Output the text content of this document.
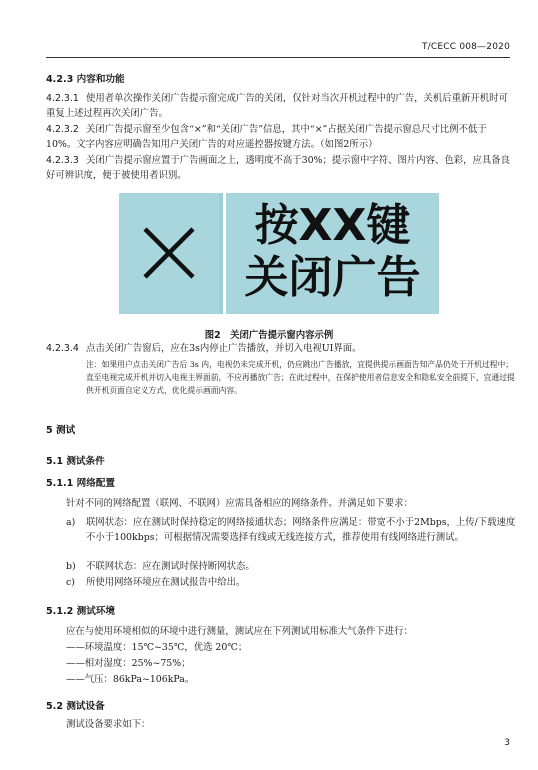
T/CECC 008—2020
4.2.3 内容和功能
4.2.3.1 使用者单次操作关闭广告提示窗完成广告的关闭，仅针对当次开机过程中的广告，关机后重新开机时可重复上述过程再次关闭广告。
4.2.3.2 关闭广告提示窗至少包含“×”和“关闭广告”信息，其中“×”占据关闭广告提示窗总尺寸比例不低于10%。文字内容应明确告知用户关闭广告的对应遥控器按键方法。（如图2所示）
4.2.3.3 关闭广告提示窗应置于广告画面之上，透明度不高于30%；提示窗中字符、图片内容、色彩，应具备良好可辨识度，便于被使用者识别。
按XX键
关闭广告
图2　关闭广告提示窗内容示例
4.2.3.4 点击关闭广告窗后，应在3s内停止广告播放，并切入电视UI界面。
注：如果用户点击关闭广告后 3s 内，电视仍未完成开机，仍应跳出广告播放，宜提供提示画面告知产品仍处于开机过程中；直至电视完成开机并切入电视主界面前，不应再播放广告；在此过程中，在保护使用者信息安全和隐私安全前提下，宜通过提供开机页面自定义方式，优化提示画面内容。
5 测试
5.1 测试条件
5.1.1 网络配置
针对不同的网络配置（联网、不联网）应需具备相应的网络条件。并满足如下要求：
a) 联网状态：应在测试时保持稳定的网络接通状态；网络条件应满足：带宽不小于2Mbps，上传/下载速度不小于100kbps；可根据情况需要选择有线或无线连接方式，推荐使用有线网络进行测试。
b) 不联网状态：应在测试时保持断网状态。
c) 所使用网络环境应在测试报告中给出。
5.1.2 测试环境
应在与使用环境相似的环境中进行测量，测试应在下列测试用标准大气条件下进行：
——环境温度：15℃~35℃，优选 20℃；
——相对湿度：25%~75%；
——气压：86kPa~106kPa。
5.2 测试设备
测试设备要求如下：
3
